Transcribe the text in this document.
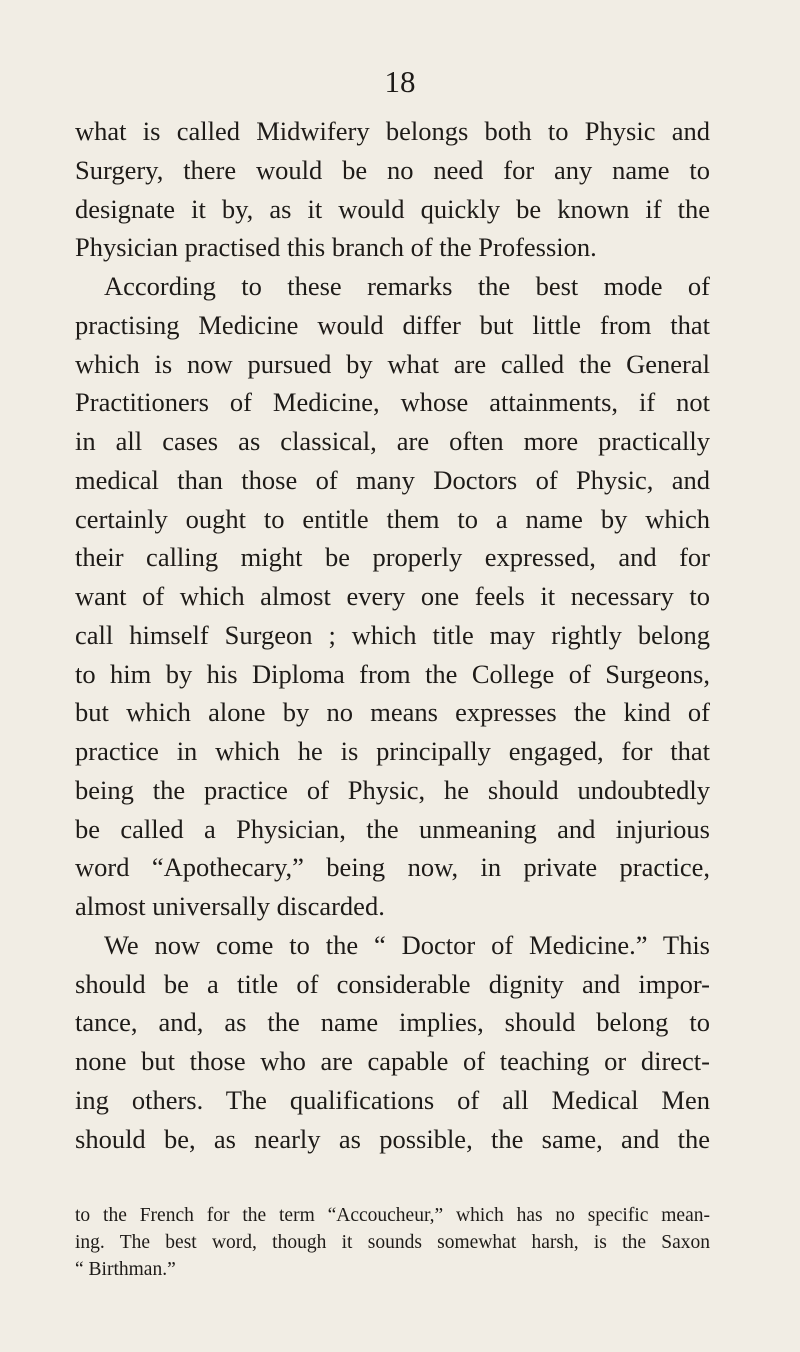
18
what is called Midwifery belongs both to Physic and
Surgery, there would be no need for any name to
designate it by, as it would quickly be known if the
Physician practised this branch of the Profession.
According to these remarks the best mode of
practising Medicine would differ but little from that
which is now pursued by what are called the General
Practitioners of Medicine, whose attainments, if not
in all cases as classical, are often more practically
medical than those of many Doctors of Physic, and
certainly ought to entitle them to a name by which
their calling might be properly expressed, and for
want of which almost every one feels it necessary to
call himself Surgeon ; which title may rightly belong
to him by his Diploma from the College of Surgeons,
but which alone by no means expresses the kind of
practice in which he is principally engaged, for that
being the practice of Physic, he should undoubtedly
be called a Physician, the unmeaning and injurious
word “Apothecary,” being now, in private practice,
almost universally discarded.
We now come to the “ Doctor of Medicine.” This
should be a title of considerable dignity and impor-
tance, and, as the name implies, should belong to
none but those who are capable of teaching or direct-
ing others. The qualifications of all Medical Men
should be, as nearly as possible, the same, and the
to the French for the term “Accoucheur,” which has no specific mean-
ing. The best word, though it sounds somewhat harsh, is the Saxon
“ Birthman.”
